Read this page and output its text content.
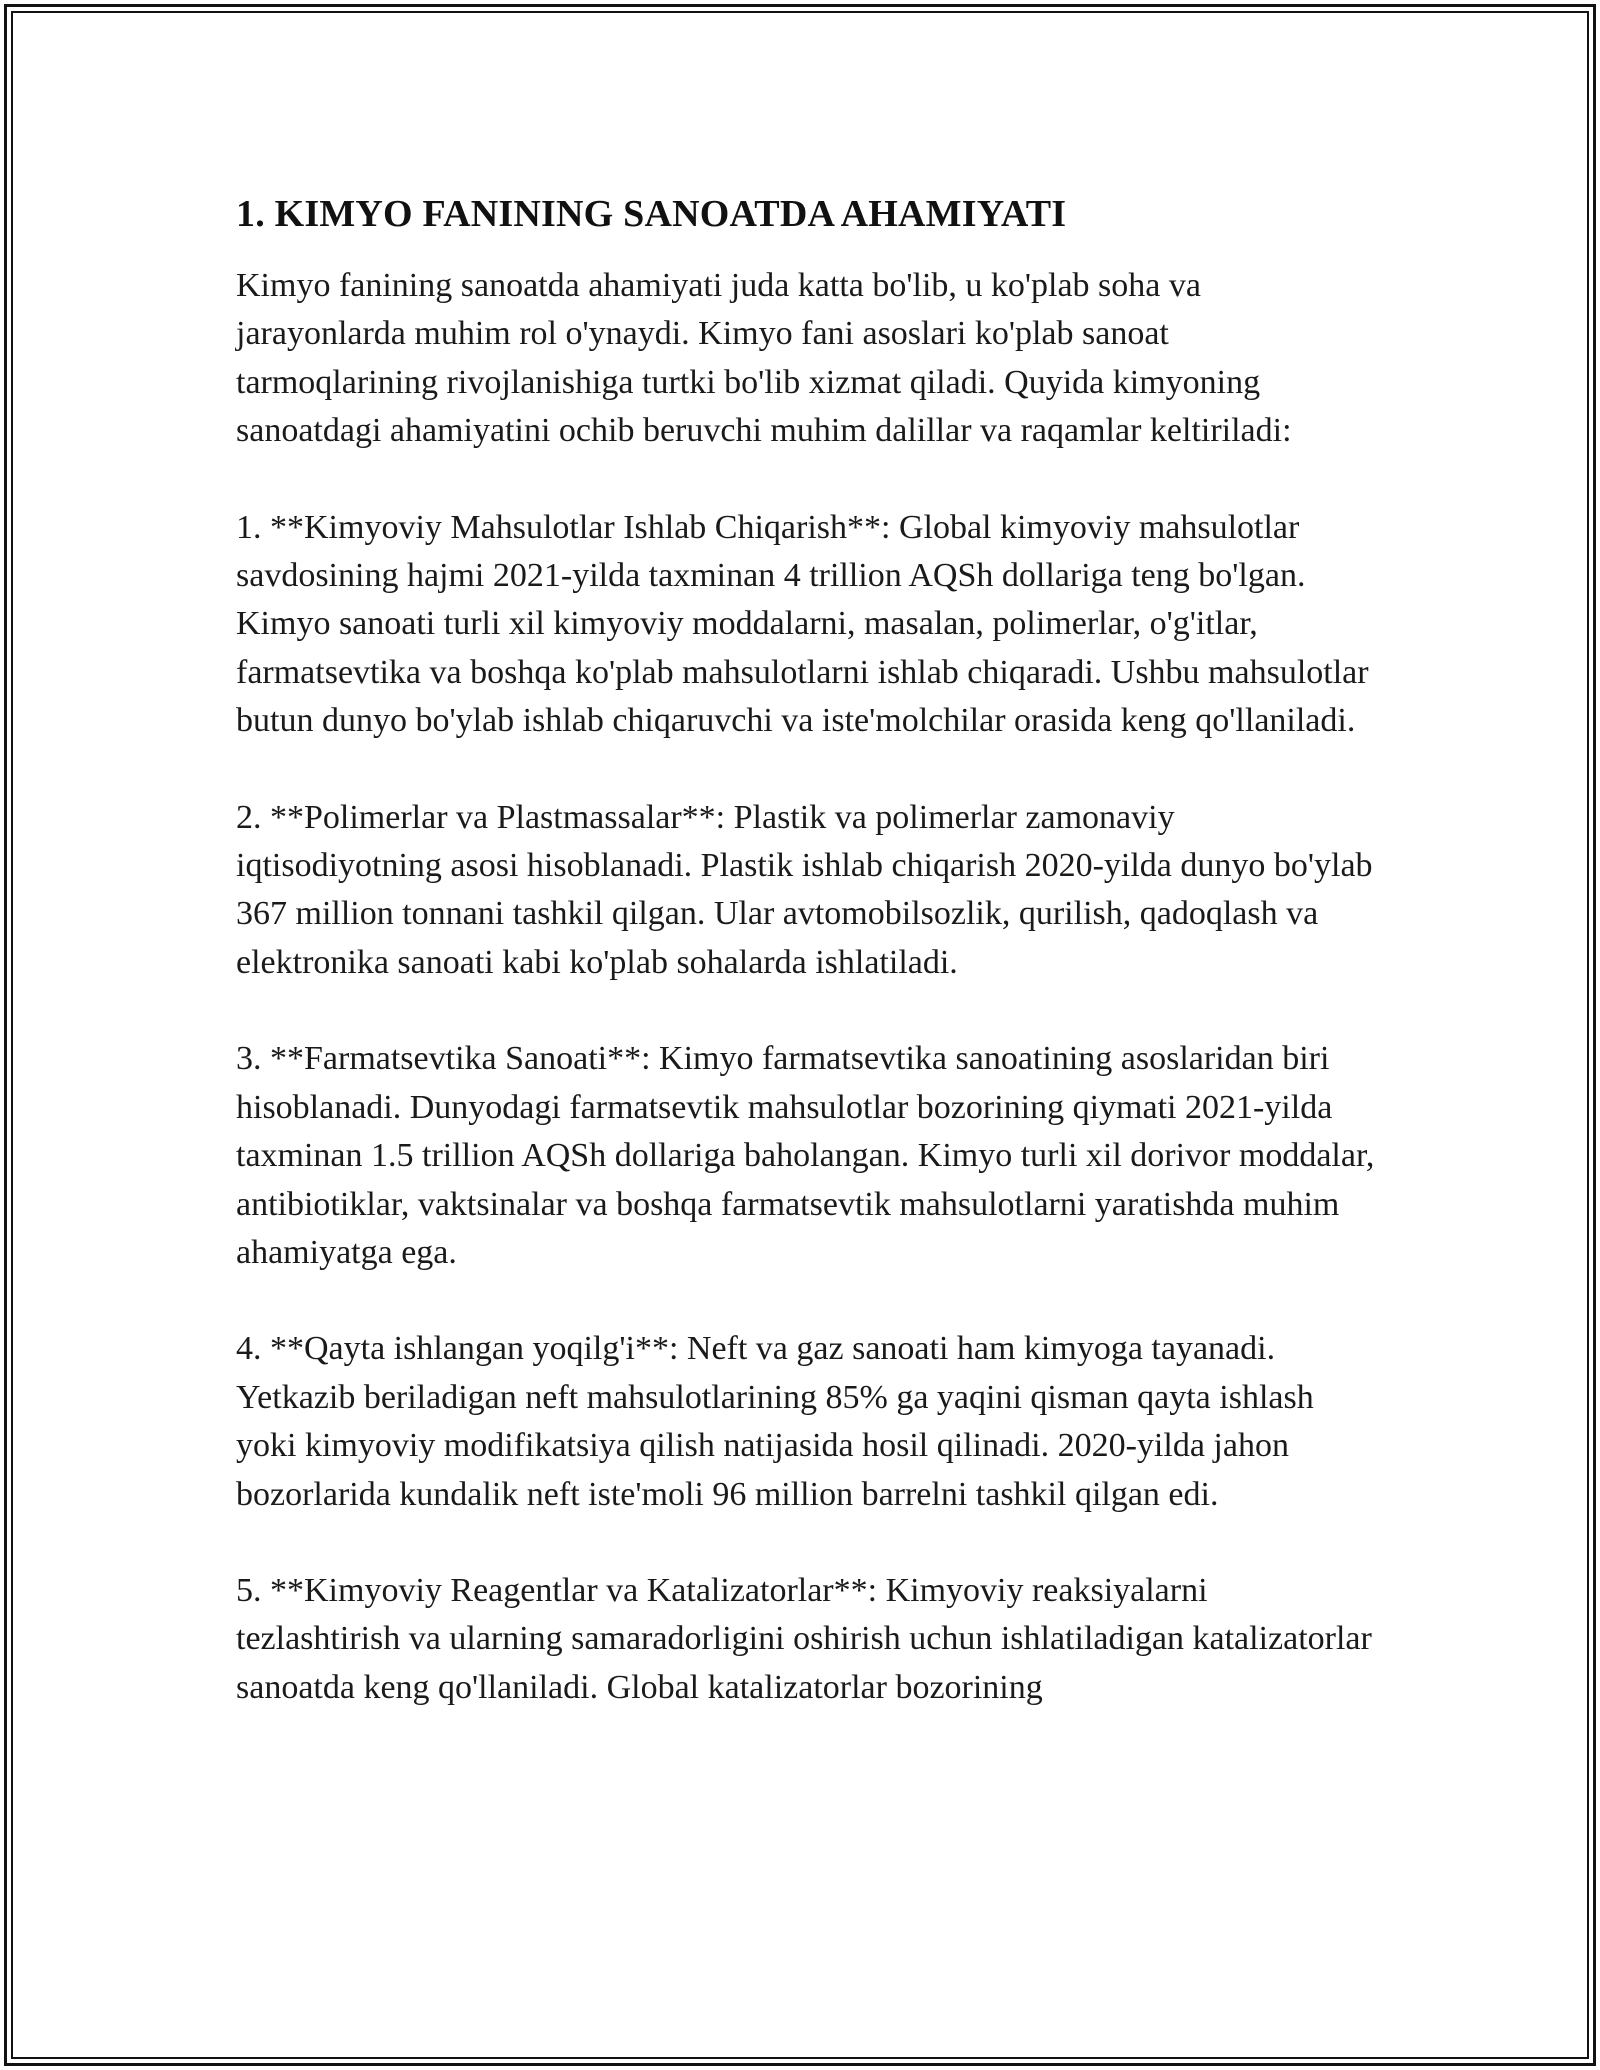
1. KIMYO FANINING SANOATDA AHAMIYATI

Kimyo fanining sanoatda ahamiyati juda katta bo'lib, u ko'plab soha va jarayonlarda muhim rol o'ynaydi. Kimyo fani asoslari ko'plab sanoat tarmoqlarining rivojlanishiga turtki bo'lib xizmat qiladi. Quyida kimyoning sanoatdagi ahamiyatini ochib beruvchi muhim dalillar va raqamlar keltiriladi:

1. **Kimyoviy Mahsulotlar Ishlab Chiqarish**: Global kimyoviy mahsulotlar savdosining hajmi 2021-yilda taxminan 4 trillion AQSh dollariga teng bo'lgan. Kimyo sanoati turli xil kimyoviy moddalarni, masalan, polimerlar, o'g'itlar, farmatsevtika va boshqa ko'plab mahsulotlarni ishlab chiqaradi. Ushbu mahsulotlar butun dunyo bo'ylab ishlab chiqaruvchi va iste'molchilar orasida keng qo'llaniladi.

2. **Polimerlar va Plastmassalar**: Plastik va polimerlar zamonaviy iqtisodiyotning asosi hisoblanadi. Plastik ishlab chiqarish 2020-yilda dunyo bo'ylab 367 million tonnani tashkil qilgan. Ular avtomobilsozlik, qurilish, qadoqlash va elektronika sanoati kabi ko'plab sohalarda ishlatiladi.

3. **Farmatsevtika Sanoati**: Kimyo farmatsevtika sanoatining asoslaridan biri hisoblanadi. Dunyodagi farmatsevtik mahsulotlar bozorining qiymati 2021-yilda taxminan 1.5 trillion AQSh dollariga baholangan. Kimyo turli xil dorivor moddalar, antibiotiklar, vaktsinalar va boshqa farmatsevtik mahsulotlarni yaratishda muhim ahamiyatga ega.

4. **Qayta ishlangan yoqilg'i**: Neft va gaz sanoati ham kimyoga tayanadi. Yetkazib beriladigan neft mahsulotlarining 85% ga yaqini qisman qayta ishlash yoki kimyoviy modifikatsiya qilish natijasida hosil qilinadi. 2020-yilda jahon bozorlarida kundalik neft iste'moli 96 million barrelni tashkil qilgan edi.

5. **Kimyoviy Reagentlar va Katalizatorlar**: Kimyoviy reaksiyalarni tezlashtirish va ularning samaradorligini oshirish uchun ishlatiladigan katalizatorlar sanoatda keng qo'llaniladi. Global katalizatorlar bozorining
